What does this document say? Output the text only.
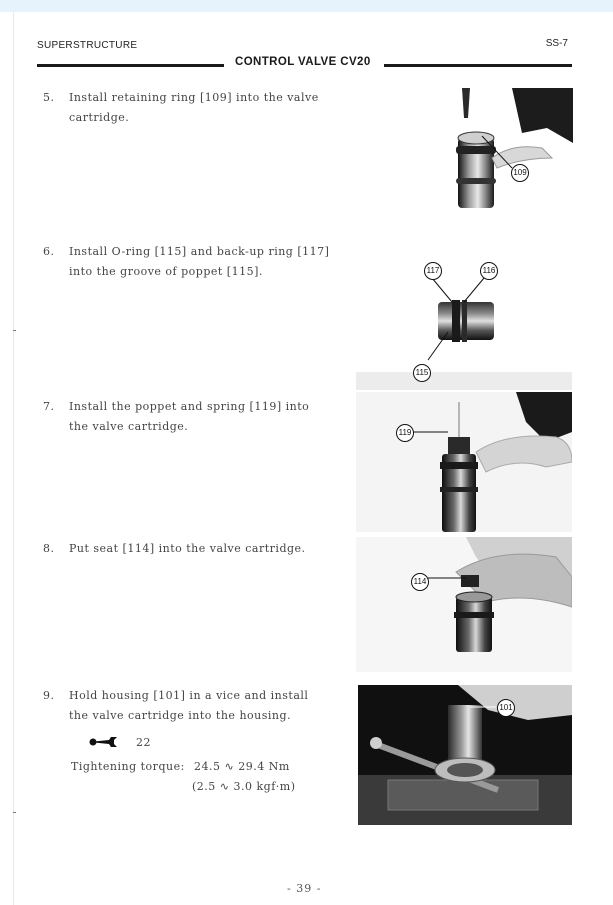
SUPERSTRUCTURE	SS-7
CONTROL VALVE CV20
5. Install retaining ring [109] into the valve
cartridge.
109
6. Install O-ring [115] and back-up ring [117]
into the groove of poppet [115].	117	116
115
7. Install the poppet and spring [119] into
the valve cartridge.	119
8. Put seat [114] into the valve cartridge.
114
9. Hold housing [101] in a vice and install
the valve cartridge into the housing.
22
Tightening torque: 24.5 ∿ 29.4 Nm
(2.5 ∿ 3.0 kgf·m)
101
- 39 -
